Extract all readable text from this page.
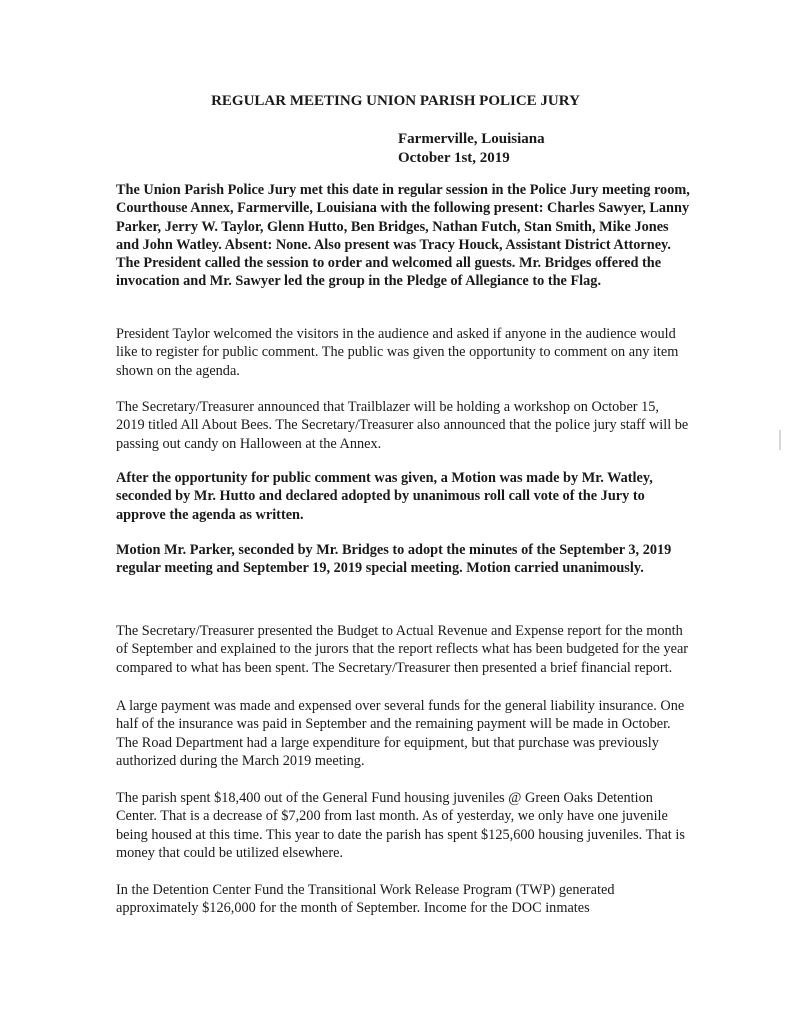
REGULAR MEETING UNION PARISH POLICE JURY
Farmerville, Louisiana
October 1st, 2019

The Union Parish Police Jury met this date in regular session in the Police Jury meeting room, Courthouse Annex, Farmerville, Louisiana with the following present: Charles Sawyer, Lanny Parker, Jerry W. Taylor, Glenn Hutto, Ben Bridges, Nathan Futch, Stan Smith, Mike Jones and John Watley. Absent: None. Also present was Tracy Houck, Assistant District Attorney. The President called the session to order and welcomed all guests. Mr. Bridges offered the invocation and Mr. Sawyer led the group in the Pledge of Allegiance to the Flag.

President Taylor welcomed the visitors in the audience and asked if anyone in the audience would like to register for public comment. The public was given the opportunity to comment on any item shown on the agenda.

The Secretary/Treasurer announced that Trailblazer will be holding a workshop on October 15, 2019 titled All About Bees. The Secretary/Treasurer also announced that the police jury staff will be passing out candy on Halloween at the Annex.

After the opportunity for public comment was given, a Motion was made by Mr. Watley, seconded by Mr. Hutto and declared adopted by unanimous roll call vote of the Jury to approve the agenda as written.

Motion Mr. Parker, seconded by Mr. Bridges to adopt the minutes of the September 3, 2019 regular meeting and September 19, 2019 special meeting. Motion carried unanimously.

The Secretary/Treasurer presented the Budget to Actual Revenue and Expense report for the month of September and explained to the jurors that the report reflects what has been budgeted for the year compared to what has been spent. The Secretary/Treasurer then presented a brief financial report.

A large payment was made and expensed over several funds for the general liability insurance. One half of the insurance was paid in September and the remaining payment will be made in October. The Road Department had a large expenditure for equipment, but that purchase was previously authorized during the March 2019 meeting.

The parish spent $18,400 out of the General Fund housing juveniles @ Green Oaks Detention Center. That is a decrease of $7,200 from last month. As of yesterday, we only have one juvenile being housed at this time. This year to date the parish has spent $125,600 housing juveniles. That is money that could be utilized elsewhere.

In the Detention Center Fund the Transitional Work Release Program (TWP) generated approximately $126,000 for the month of September. Income for the DOC inmates
